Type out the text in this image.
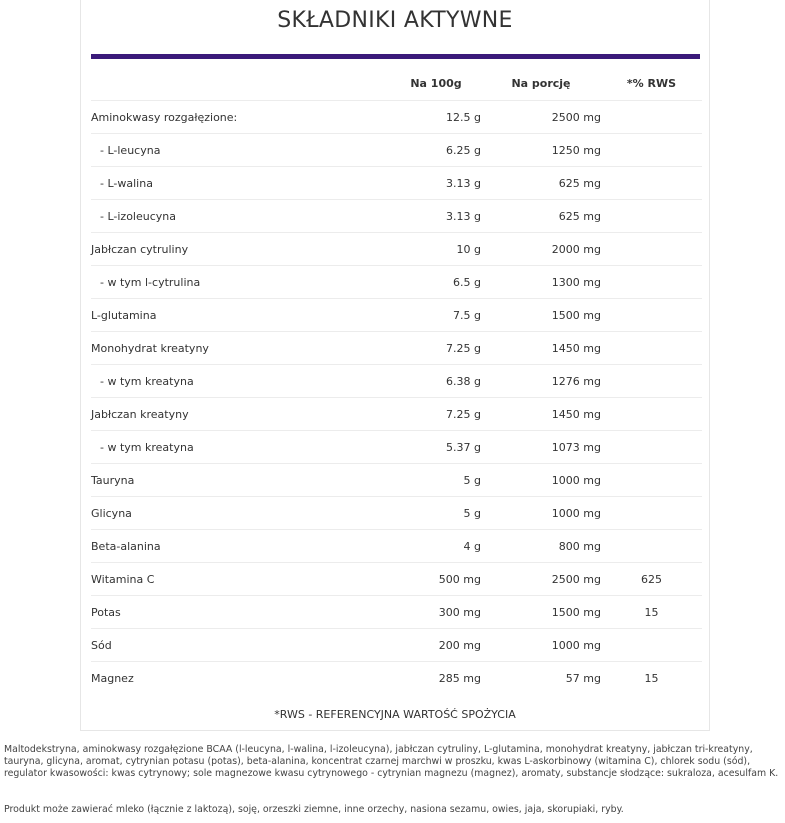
SKŁADNIKI AKTYWNE
	Na 100g	Na porcję	*% RWS
Aminokwasy rozgałęzione:	12.5 g	2500 mg	
- L-leucyna	6.25 g	1250 mg	
- L-walina	3.13 g	625 mg	
- L-izoleucyna	3.13 g	625 mg	
Jabłczan cytruliny	10 g	2000 mg	
- w tym l-cytrulina	6.5 g	1300 mg	
L-glutamina	7.5 g	1500 mg	
Monohydrat kreatyny	7.25 g	1450 mg	
- w tym kreatyna	6.38 g	1276 mg	
Jabłczan kreatyny	7.25 g	1450 mg	
- w tym kreatyna	5.37 g	1073 mg	
Tauryna	5 g	1000 mg	
Glicyna	5 g	1000 mg	
Beta-alanina	4 g	800 mg	
Witamina C	500 mg	2500 mg	625
Potas	300 mg	1500 mg	15
Sód	200 mg	1000 mg	
Magnez	285 mg	57 mg	15
*RWS - REFERENCYJNA WARTOŚĆ SPOŻYCIA
Maltodekstryna, aminokwasy rozgałęzione BCAA (l-leucyna, l-walina, l-izoleucyna), jabłczan cytruliny, L-glutamina, monohydrat kreatyny, jabłczan tri-kreatyny, tauryna, glicyna, aromat, cytrynian potasu (potas), beta-alanina, koncentrat czarnej marchwi w proszku, kwas L-askorbinowy (witamina C), chlorek sodu (sód), regulator kwasowości: kwas cytrynowy; sole magnezowe kwasu cytrynowego - cytrynian magnezu (magnez), aromaty, substancje słodzące: sukraloza, acesulfam K.
Produkt może zawierać mleko (łącznie z laktozą), soję, orzeszki ziemne, inne orzechy, nasiona sezamu, owies, jaja, skorupiaki, ryby.
